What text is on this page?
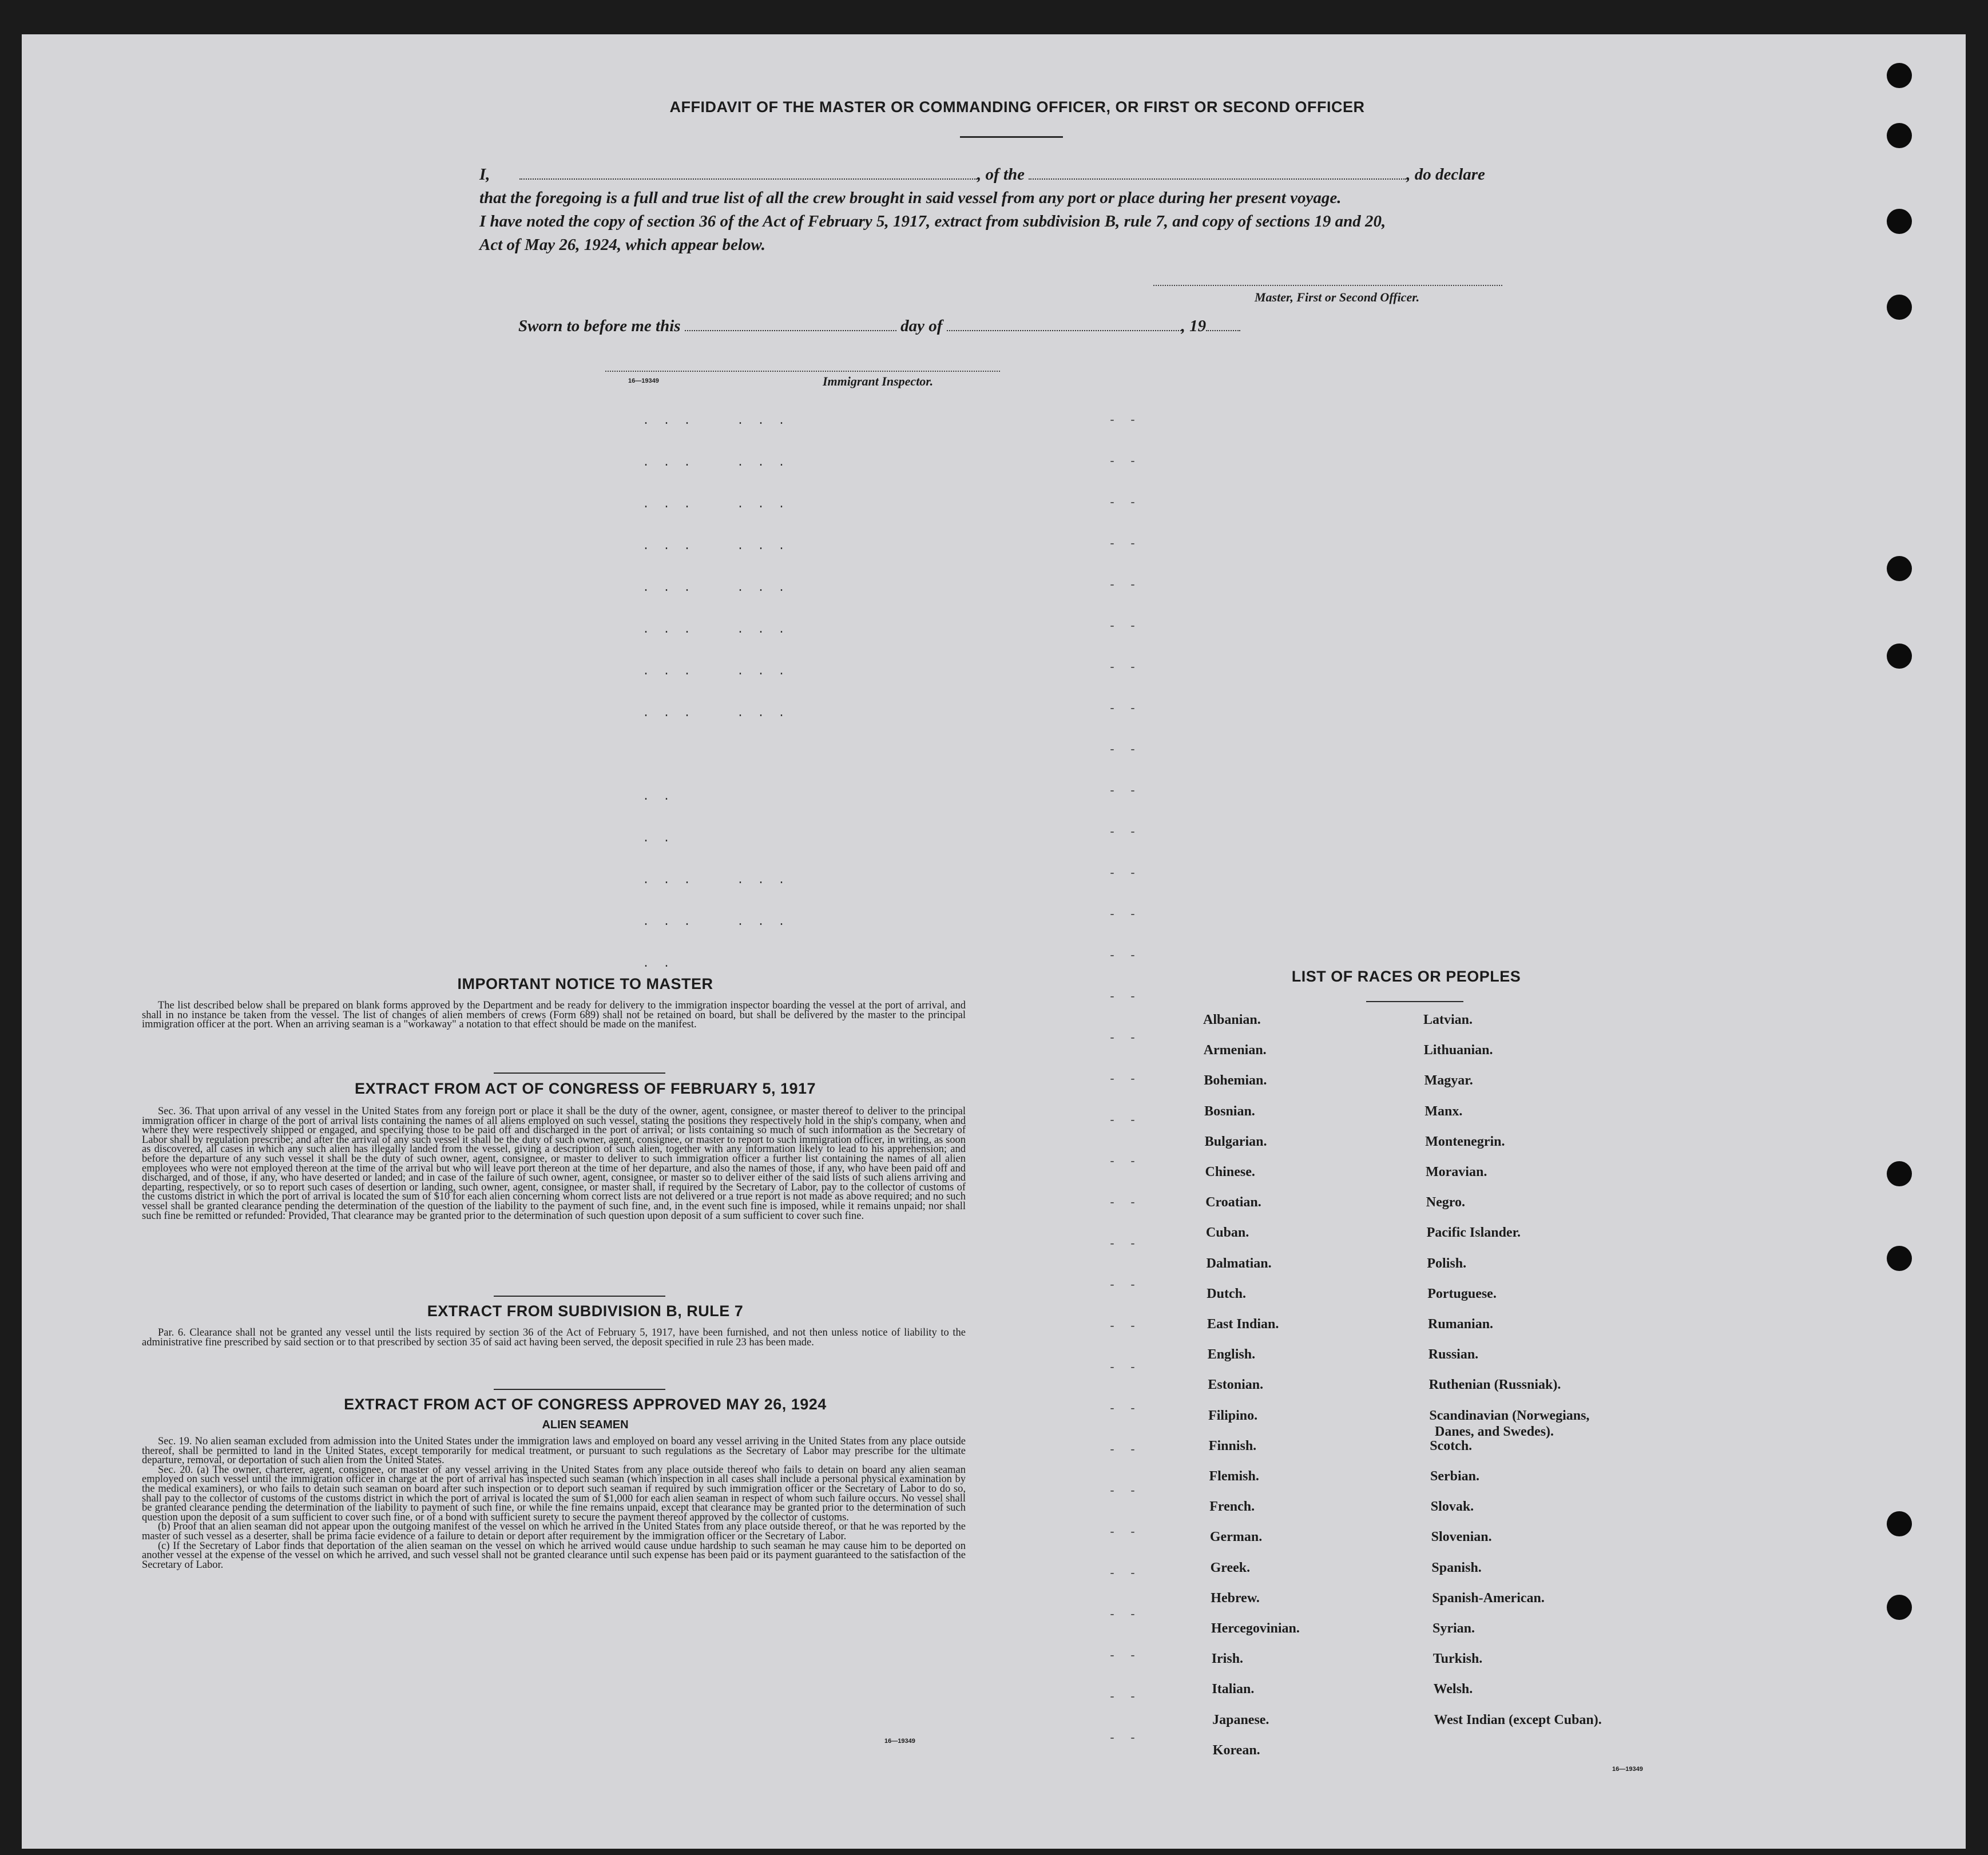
AFFIDAVIT OF THE MASTER OR COMMANDING OFFICER, OR FIRST OR SECOND OFFICER
I,	, of the	, do declare
that the foregoing is a full and true list of all the crew brought in said vessel from any port or place during her present voyage.
I have noted the copy of section 36 of the Act of February 5, 1917, extract from subdivision B, rule 7, and copy of sections 19 and 20,
Act of May 26, 1924, which appear below.
Master, First or Second Officer.
Sworn to before me this	day of	, 19
16—19349	Immigrant Inspector.
. . .
. . .
. . .
. . .
. . .
. . .
. . .
. . .

. .
. .
. . .
. . .
. .
. . .
. . .
. . .
. . .
. . .
. . .
. . .
. . .

. . .
. . .

- -
- -
- -
- -
- -
- -
- -
- -
- -
- -
- -
- -
- -
- -
- -
- -
- -
- -
- -
- -
- -
- -
- -
- -
- -
- -
- -
- -
- -
- -
- -
- -
- -
IMPORTANT NOTICE TO MASTER

The list described below shall be prepared on blank forms approved by the Department and be ready for delivery to the immigration inspector boarding the vessel at the port of arrival, and shall in no instance be taken from the vessel. The list of changes of alien members of crews (Form 689) shall not be retained on board, but shall be delivered by the master to the principal immigration officer at the port. When an arriving seaman is a "workaway" a notation to that effect should be made on the manifest.

EXTRACT FROM ACT OF CONGRESS OF FEBRUARY 5, 1917

Sec. 36. That upon arrival of any vessel in the United States from any foreign port or place it shall be the duty of the owner, agent, consignee, or master thereof to deliver to the principal immigration officer in charge of the port of arrival lists containing the names of all aliens employed on such vessel, stating the positions they respectively hold in the ship's company, when and where they were respectively shipped or engaged, and specifying those to be paid off and discharged in the port of arrival; or lists containing so much of such information as the Secretary of Labor shall by regulation prescribe; and after the arrival of any such vessel it shall be the duty of such owner, agent, consignee, or master to report to such immigration officer, in writing, as soon as discovered, all cases in which any such alien has illegally landed from the vessel, giving a description of such alien, together with any information likely to lead to his apprehension; and before the departure of any such vessel it shall be the duty of such owner, agent, consignee, or master to deliver to such immigration officer a further list containing the names of all alien employees who were not employed thereon at the time of the arrival but who will leave port thereon at the time of her departure, and also the names of those, if any, who have been paid off and discharged, and of those, if any, who have deserted or landed; and in case of the failure of such owner, agent, consignee, or master so to deliver either of the said lists of such aliens arriving and departing, respectively, or so to report such cases of desertion or landing, such owner, agent, consignee, or master shall, if required by the Secretary of Labor, pay to the collector of customs of the customs district in which the port of arrival is located the sum of $10 for each alien concerning whom correct lists are not delivered or a true report is not made as above required; and no such vessel shall be granted clearance pending the determination of the question of the liability to the payment of such fine, and, in the event such fine is imposed, while it remains unpaid; nor shall such fine be remitted or refunded: Provided, That clearance may be granted prior to the determination of such question upon deposit of a sum sufficient to cover such fine.

EXTRACT FROM SUBDIVISION B, RULE 7

Par. 6. Clearance shall not be granted any vessel until the lists required by section 36 of the Act of February 5, 1917, have been furnished, and not then unless notice of liability to the administrative fine prescribed by said section or to that prescribed by section 35 of said act having been served, the deposit specified in rule 23 has been made.

EXTRACT FROM ACT OF CONGRESS APPROVED MAY 26, 1924
ALIEN SEAMEN

Sec. 19. No alien seaman excluded from admission into the United States under the immigration laws and employed on board any vessel arriving in the United States from any place outside thereof, shall be permitted to land in the United States, except temporarily for medical treatment, or pursuant to such regulations as the Secretary of Labor may prescribe for the ultimate departure, removal, or deportation of such alien from the United States.

Sec. 20. (a) The owner, charterer, agent, consignee, or master of any vessel arriving in the United States from any place outside thereof who fails to detain on board any alien seaman employed on such vessel until the immigration officer in charge at the port of arrival has inspected such seaman (which inspection in all cases shall include a personal physical examination by the medical examiners), or who fails to detain such seaman on board after such inspection or to deport such seaman if required by such immigration officer or the Secretary of Labor to do so, shall pay to the collector of customs of the customs district in which the port of arrival is located the sum of $1,000 for each alien seaman in respect of whom such failure occurs. No vessel shall be granted clearance pending the determination of the liability to payment of such fine, or while the fine remains unpaid, except that clearance may be granted prior to the determination of such question upon the deposit of a sum sufficient to cover such fine, or of a bond with sufficient surety to secure the payment thereof approved by the collector of customs.

(b) Proof that an alien seaman did not appear upon the outgoing manifest of the vessel on which he arrived in the United States from any place outside thereof, or that he was reported by the master of such vessel as a deserter, shall be prima facie evidence of a failure to detain or deport after requirement by the immigration officer or the Secretary of Labor.

(c) If the Secretary of Labor finds that deportation of the alien seaman on the vessel on which he arrived would cause undue hardship to such seaman he may cause him to be deported on another vessel at the expense of the vessel on which he arrived, and such vessel shall not be granted clearance until such expense has been paid or its payment guaranteed to the satisfaction of the Secretary of Labor.

16—19349
LIST OF RACES OR PEOPLES
16—19349
Albanian.
Armenian.
Bohemian.
Bosnian.
Bulgarian.
Chinese.
Croatian.
Cuban.
Dalmatian.
Dutch.
East Indian.
English.
Estonian.
Filipino.
Finnish.
Flemish.
French.
German.
Greek.
Hebrew.
Hercegovinian.
Irish.
Italian.
Japanese.
Korean.
Latvian.
Lithuanian.
Magyar.
Manx.
Montenegrin.
Moravian.
Negro.
Pacific Islander.
Polish.
Portuguese.
Rumanian.
Russian.
Ruthenian (Russniak).
Scandinavian (Norwegians,
Danes, and Swedes).
Scotch.
Serbian.
Slovak.
Slovenian.
Spanish.
Spanish-American.
Syrian.
Turkish.
Welsh.
West Indian (except Cuban).
